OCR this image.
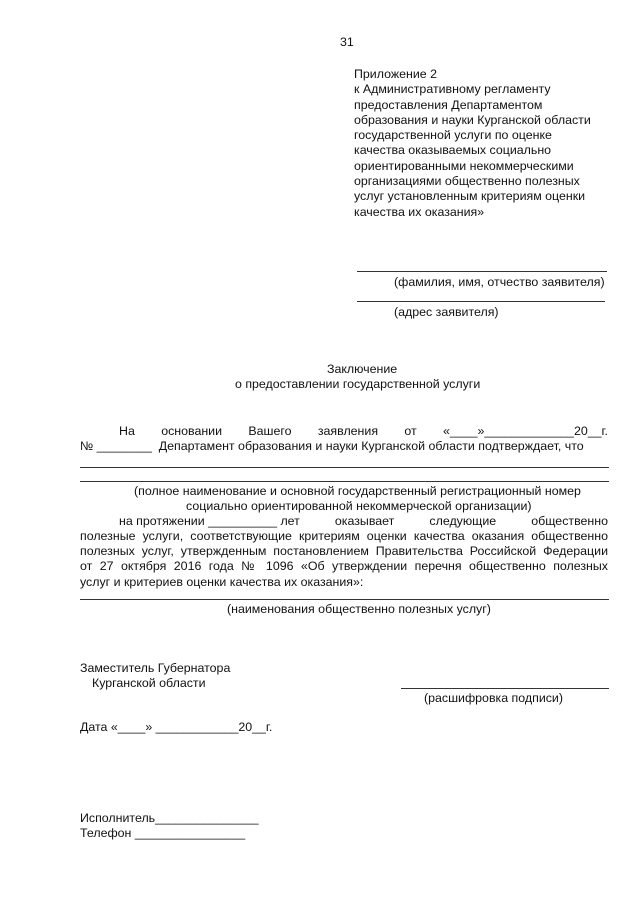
31
Приложение 2
к Административному регламенту
предоставления Департаментом
образования и науки Курганской области
государственной услуги по оценке
качества оказываемых социально
ориентированными некоммерческими
организациями общественно полезных
услуг установленным критериям оценки
качества их оказания»
(фамилия, имя, отчество заявителя)
(адрес заявителя)
Заключение
о предоставлении государственной услуги
На основании Вашего заявления от «____»_____________20__г.
№ ________  Департамент образования и науки Курганской области подтверждает, что
(полное наименование и основной государственный регистрационный номер
социально ориентированной некоммерческой организации)
на протяжении __________ лет	оказывает	следующие	общественно
полезные услуги, соответствующие критериям оценки качества оказания общественно
полезных услуг, утвержденным постановлением Правительства Российской Федерации
от 27 октября 2016 года № 1096 «Об утверждении перечня общественно полезных
услуг и критериев оценки качества их оказания»:
(наименования общественно полезных услуг)
Заместитель Губернатора
Курганской области
(расшифровка подписи)
Дата «____» ____________20__г.
Исполнитель_______________
Телефон ________________
